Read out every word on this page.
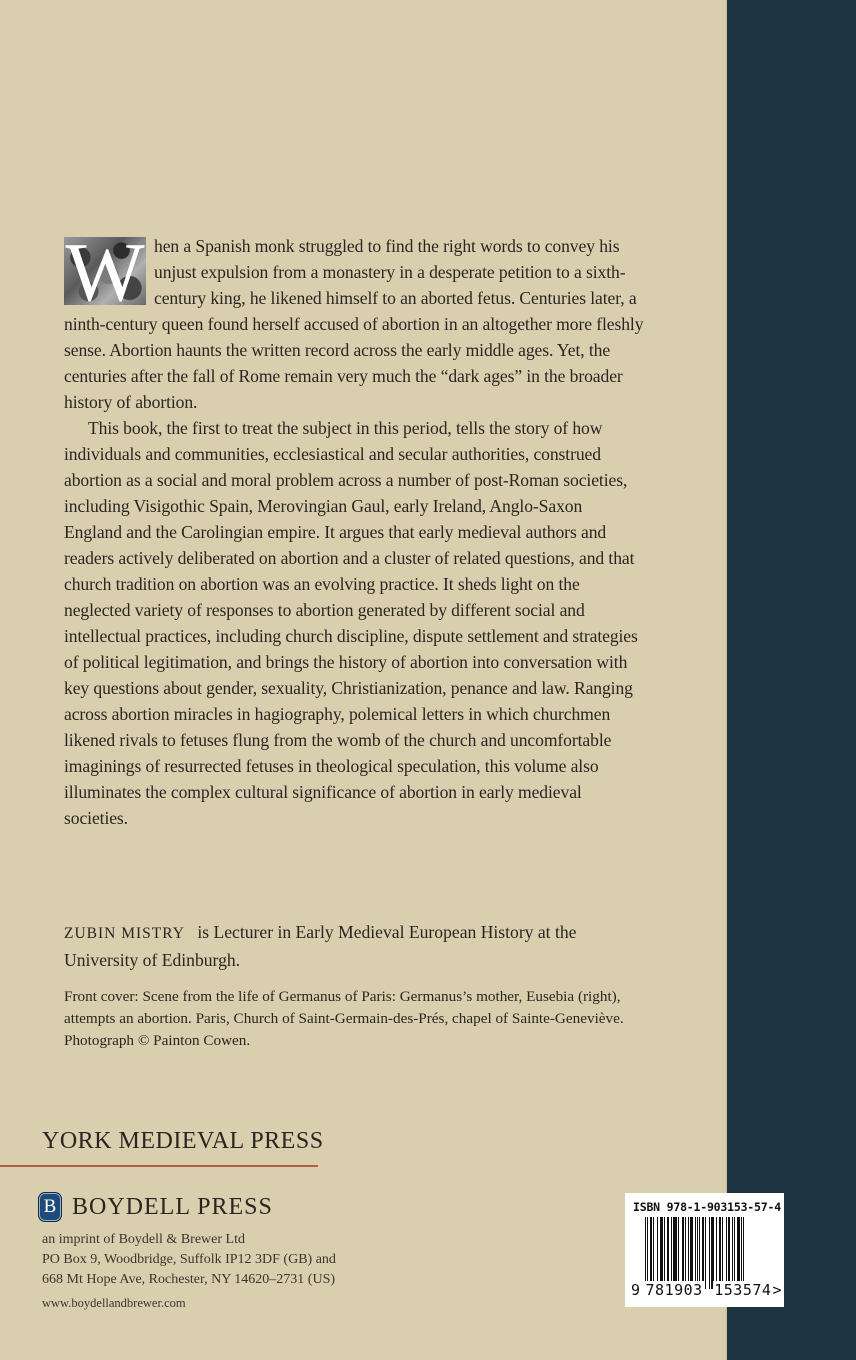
W hen a Spanish monk struggled to find the right words to convey his unjust expulsion from a monastery in a desperate petition to a sixth-century king, he likened himself to an aborted fetus. Centuries later, a ninth-century queen found herself accused of abortion in an altogether more fleshly sense. Abortion haunts the written record across the early middle ages. Yet, the centuries after the fall of Rome remain very much the “dark ages” in the broader history of abortion.

This book, the first to treat the subject in this period, tells the story of how individuals and communities, ecclesiastical and secular authorities, construed abortion as a social and moral problem across a number of post-Roman societies, including Visigothic Spain, Merovingian Gaul, early Ireland, Anglo-Saxon England and the Carolingian empire. It argues that early medieval authors and readers actively deliberated on abortion and a cluster of related questions, and that church tradition on abortion was an evolving practice. It sheds light on the neglected variety of responses to abortion generated by different social and intellectual practices, including church discipline, dispute settlement and strategies of political legitimation, and brings the history of abortion into conversation with key questions about gender, sexuality, Christianization, penance and law. Ranging across abortion miracles in hagiography, polemical letters in which churchmen likened rivals to fetuses flung from the womb of the church and uncomfortable imaginings of resurrected fetuses in theological speculation, this volume also illuminates the complex cultural significance of abortion in early medieval societies.

ZUBIN MISTRY is Lecturer in Early Medieval European History at the University of Edinburgh.
Front cover: Scene from the life of Germanus of Paris: Germanus’s mother, Eusebia (right), attempts an abortion. Paris, Church of Saint-Germain-des-Prés, chapel of Sainte-Geneviève. Photograph © Painton Cowen.
YORK MEDIEVAL PRESS
B BOYDELL PRESS
an imprint of Boydell & Brewer Ltd
PO Box 9, Woodbridge, Suffolk IP12 3DF (GB) and
668 Mt Hope Ave, Rochester, NY 14620–2731 (US)
www.boydellandbrewer.com
ISBN 978-1-903153-57-4
9 781903 153574>
